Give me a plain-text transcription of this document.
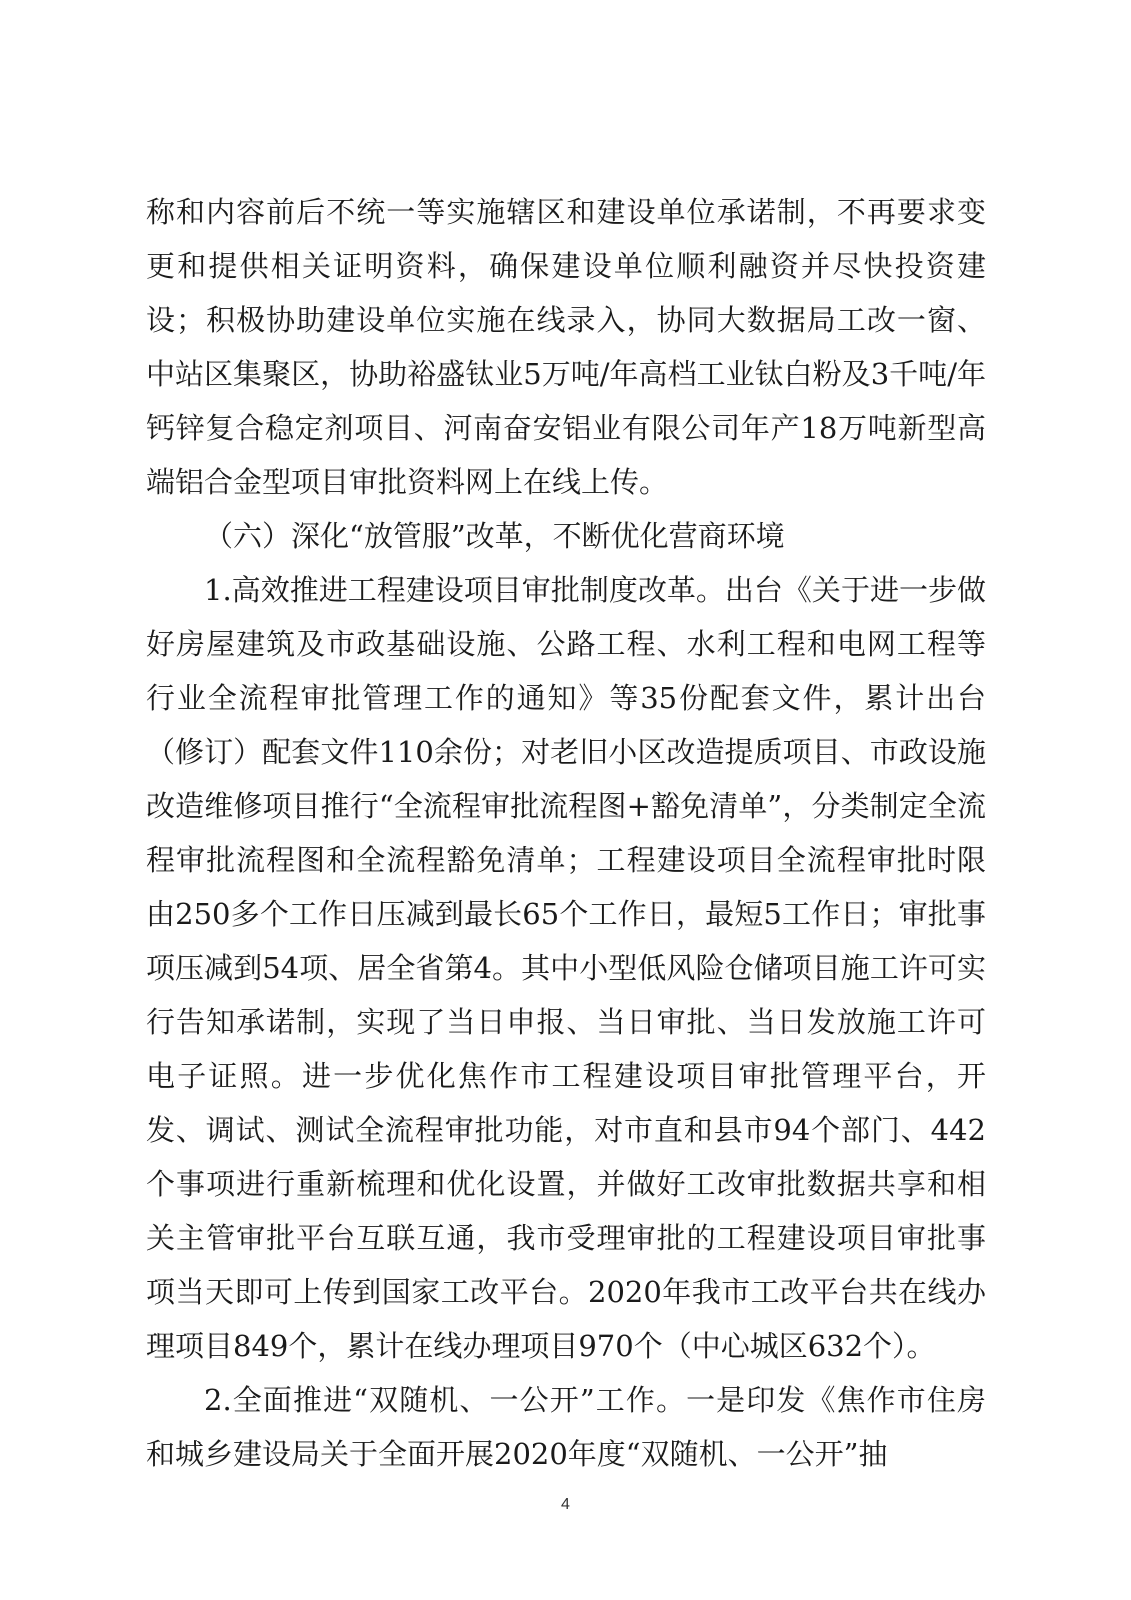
称和内容前后不统一等实施辖区和建设单位承诺制，不再要求变更和提供相关证明资料，确保建设单位顺利融资并尽快投资建设；积极协助建设单位实施在线录入，协同大数据局工改一窗、中站区集聚区，协助裕盛钛业5万吨/年高档工业钛白粉及3千吨/年钙锌复合稳定剂项目、河南奋安铝业有限公司年产18万吨新型高端铝合金型项目审批资料网上在线上传。

（六）深化“放管服”改革，不断优化营商环境

1.高效推进工程建设项目审批制度改革。出台《关于进一步做好房屋建筑及市政基础设施、公路工程、水利工程和电网工程等行业全流程审批管理工作的通知》等35份配套文件，累计出台（修订）配套文件110余份；对老旧小区改造提质项目、市政设施改造维修项目推行“全流程审批流程图+豁免清单”，分类制定全流程审批流程图和全流程豁免清单；工程建设项目全流程审批时限由250多个工作日压减到最长65个工作日，最短5工作日；审批事项压减到54项、居全省第4。其中小型低风险仓储项目施工许可实行告知承诺制，实现了当日申报、当日审批、当日发放施工许可电子证照。进一步优化焦作市工程建设项目审批管理平台，开发、调试、测试全流程审批功能，对市直和县市94个部门、442个事项进行重新梳理和优化设置，并做好工改审批数据共享和相关主管审批平台互联互通，我市受理审批的工程建设项目审批事项当天即可上传到国家工改平台。2020年我市工改平台共在线办理项目849个，累计在线办理项目970个（中心城区632个）。

2.全面推进“双随机、一公开”工作。一是印发《焦作市住房和城乡建设局关于全面开展2020年度“双随机、一公开”抽

4
